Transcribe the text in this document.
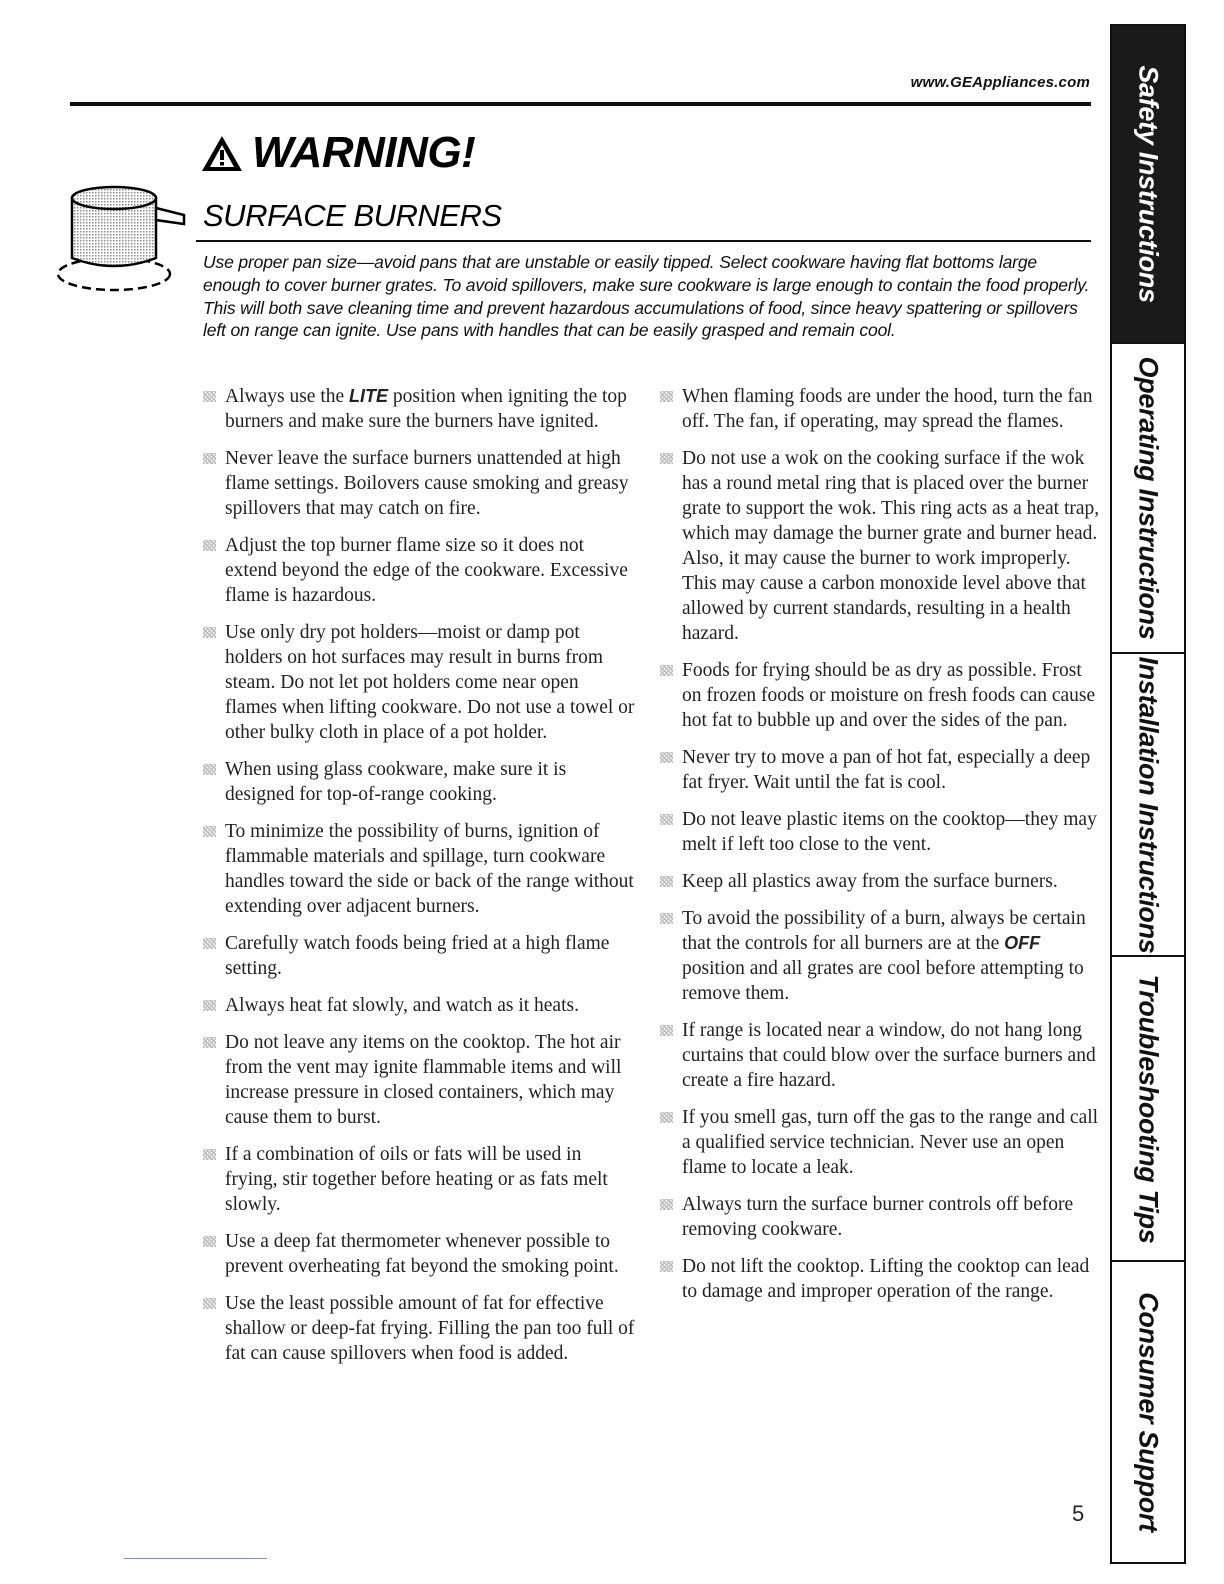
www.GEAppliances.com
WARNING!
SURFACE BURNERS

Use proper pan size—avoid pans that are unstable or easily tipped. Select cookware having flat bottoms large enough to cover burner grates. To avoid spillovers, make sure cookware is large enough to contain the food properly. This will both save cleaning time and prevent hazardous accumulations of food, since heavy spattering or spillovers left on range can ignite. Use pans with handles that can be easily grasped and remain cool.

Always use the LITE position when igniting the top burners and make sure the burners have ignited.
Never leave the surface burners unattended at high flame settings. Boilovers cause smoking and greasy spillovers that may catch on fire.
Adjust the top burner flame size so it does not extend beyond the edge of the cookware. Excessive flame is hazardous.
Use only dry pot holders—moist or damp pot holders on hot surfaces may result in burns from steam. Do not let pot holders come near open flames when lifting cookware. Do not use a towel or other bulky cloth in place of a pot holder.
When using glass cookware, make sure it is designed for top-of-range cooking.
To minimize the possibility of burns, ignition of flammable materials and spillage, turn cookware handles toward the side or back of the range without extending over adjacent burners.
Carefully watch foods being fried at a high flame setting.
Always heat fat slowly, and watch as it heats.
Do not leave any items on the cooktop. The hot air from the vent may ignite flammable items and will increase pressure in closed containers, which may cause them to burst.
If a combination of oils or fats will be used in frying, stir together before heating or as fats melt slowly.
Use a deep fat thermometer whenever possible to prevent overheating fat beyond the smoking point.
Use the least possible amount of fat for effective shallow or deep-fat frying. Filling the pan too full of fat can cause spillovers when food is added.
When flaming foods are under the hood, turn the fan off. The fan, if operating, may spread the flames.
Do not use a wok on the cooking surface if the wok has a round metal ring that is placed over the burner grate to support the wok. This ring acts as a heat trap, which may damage the burner grate and burner head. Also, it may cause the burner to work improperly. This may cause a carbon monoxide level above that allowed by current standards, resulting in a health hazard.
Foods for frying should be as dry as possible. Frost on frozen foods or moisture on fresh foods can cause hot fat to bubble up and over the sides of the pan.
Never try to move a pan of hot fat, especially a deep fat fryer. Wait until the fat is cool.
Do not leave plastic items on the cooktop—they may melt if left too close to the vent.
Keep all plastics away from the surface burners.
To avoid the possibility of a burn, always be certain that the controls for all burners are at the OFF position and all grates are cool before attempting to remove them.
If range is located near a window, do not hang long curtains that could blow over the surface burners and create a fire hazard.
If you smell gas, turn off the gas to the range and call a qualified service technician. Never use an open flame to locate a leak.
Always turn the surface burner controls off before removing cookware.
Do not lift the cooktop. Lifting the cooktop can lead to damage and improper operation of the range.
5
Safety Instructions
Operating Instructions
Installation Instructions
Troubleshooting Tips
Consumer Support
